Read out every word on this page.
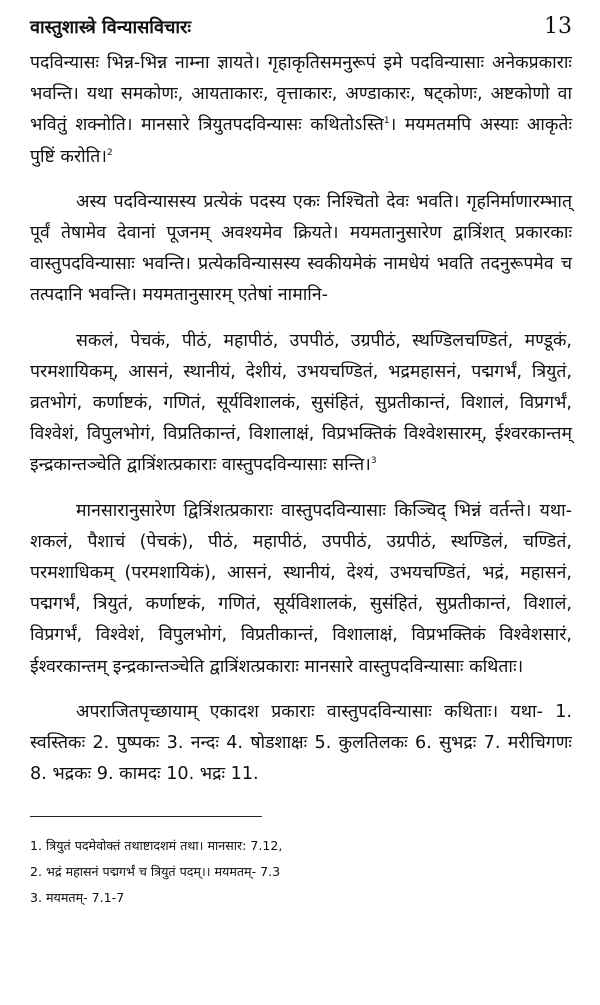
वास्तुशास्त्रे विन्यासविचारः	13

पदविन्यासः भिन्न-भिन्न नाम्ना ज्ञायते। गृहाकृतिसमनुरूपं इमे पदविन्यासाः अनेकप्रकाराः भवन्ति। यथा समकोणः, आयताकारः, वृत्ताकारः, अण्डाकारः, षट्कोणः, अष्टकोणो वा भवितुं शक्नोति। मानसारे त्रियुतपदविन्यासः कथितोऽस्ति$^1$। मयमतमपि अस्याः आकृतेः पुष्टिं करोति।$^2$

अस्य पदविन्यासस्य प्रत्येकं पदस्य एकः निश्चितो देवः भवति। गृहनिर्माणारम्भात् पूर्वं तेषामेव देवानां पूजनम् अवश्यमेव क्रियते। मयमतानुसारेण द्वात्रिंशत् प्रकारकाः वास्तुपदविन्यासाः भवन्ति। प्रत्येकविन्यासस्य स्वकीयमेकं नामधेयं भवति तदनुरूपमेव च तत्पदानि भवन्ति। मयमतानुसारम् एतेषां नामानि-

सकलं, पेचकं, पीठं, महापीठं, उपपीठं, उग्रपीठं, स्थण्डिलचण्डितं, मण्डूकं, परमशायिकम्, आसनं, स्थानीयं, देशीयं, उभयचण्डितं, भद्रमहासनं, पद्मगर्भं, त्रियुतं, व्रतभोगं, कर्णाष्टकं, गणितं, सूर्यविशालकं, सुसंहितं, सुप्रतीकान्तं, विशालं, विप्रगर्भं, विश्वेशं, विपुलभोगं, विप्रतिकान्तं, विशालाक्षं, विप्रभक्तिकं विश्वेशसारम्, ईश्वरकान्तम् इन्द्रकान्तञ्चेति द्वात्रिंशत्प्रकाराः वास्तुपदविन्यासाः सन्ति।$^3$

मानसारानुसारेण द्वित्रिंशत्प्रकाराः वास्तुपदविन्यासाः किञ्चिद् भिन्नं वर्तन्ते। यथा- शकलं, पैशाचं (पेचकं), पीठं, महापीठं, उपपीठं, उग्रपीठं, स्थण्डिलं, चण्डितं, परमशाधिकम् (परमशायिकं), आसनं, स्थानीयं, देश्यं, उभयचण्डितं, भद्रं, महासनं, पद्मगर्भं, त्रियुतं, कर्णाष्टकं, गणितं, सूर्यविशालकं, सुसंहितं, सुप्रतीकान्तं, विशालं, विप्रगर्भं, विश्वेशं, विपुलभोगं, विप्रतीकान्तं, विशालाक्षं, विप्रभक्तिकं विश्वेशसारं, ईश्वरकान्तम् इन्द्रकान्तञ्चेति द्वात्रिंशत्प्रकाराः मानसारे वास्तुपदविन्यासाः कथिताः।

अपराजितपृच्छायाम् एकादश प्रकाराः वास्तुपदविन्यासाः कथिताः। यथा- 1. स्वस्तिकः 2. पुष्पकः 3. नन्दः 4. षोडशाक्षः 5. कुलतिलकः 6. सुभद्रः 7. मरीचिगणः 8. भद्रकः 9. कामदः 10. भद्रः 11.

1. त्रियुतं पदमेवोक्तं तथाष्टादशमं तथा। मानसार: 7.12,

2. भद्रं महासनं पद्मगर्भं च त्रियुतं पदम्।। मयमतम्- 7.3

3. मयमतम्- 7.1-7
